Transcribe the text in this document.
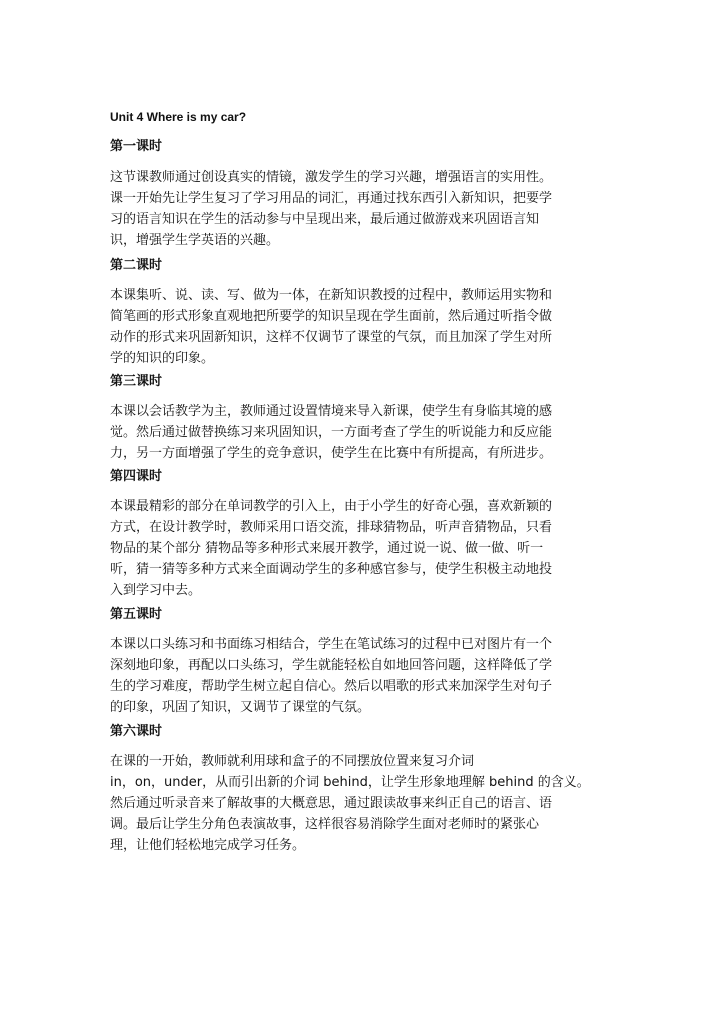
Unit 4 Where is my car?
第一课时
这节课教师通过创设真实的情镜，激发学生的学习兴趣，增强语言的实用性。
课一开始先让学生复习了学习用品的词汇，再通过找东西引入新知识，把要学
习的语言知识在学生的活动参与中呈现出来，最后通过做游戏来巩固语言知
识，增强学生学英语的兴趣。
第二课时
本课集听、说、读、写、做为一体，在新知识教授的过程中，教师运用实物和
简笔画的形式形象直观地把所要学的知识呈现在学生面前，然后通过听指令做
动作的形式来巩固新知识，这样不仅调节了课堂的气氛，而且加深了学生对所
学的知识的印象。
第三课时
本课以会话教学为主，教师通过设置情境来导入新课，使学生有身临其境的感
觉。然后通过做替换练习来巩固知识，一方面考查了学生的听说能力和反应能
力，另一方面增强了学生的竞争意识，使学生在比赛中有所提高，有所进步。
第四课时
本课最精彩的部分在单词教学的引入上，由于小学生的好奇心强，喜欢新颖的
方式，在设计教学时，教师采用口语交流，排球猜物品，听声音猜物品，只看
物品的某个部分 猜物品等多种形式来展开教学，通过说一说、做一做、听一
听，猜一猜等多种方式来全面调动学生的多种感官参与，使学生积极主动地投
入到学习中去。
第五课时
本课以口头练习和书面练习相结合，学生在笔试练习的过程中已对图片有一个
深刻地印象，再配以口头练习，学生就能轻松自如地回答问题，这样降低了学
生的学习难度，帮助学生树立起自信心。然后以唱歌的形式来加深学生对句子
的印象，巩固了知识，又调节了课堂的气氛。
第六课时
在课的一开始，教师就利用球和盒子的不同摆放位置来复习介词
in，on，under，从而引出新的介词 behind，让学生形象地理解 behind 的含义。
然后通过听录音来了解故事的大概意思，通过跟读故事来纠正自己的语言、语
调。最后让学生分角色表演故事，这样很容易消除学生面对老师时的紧张心
理，让他们轻松地完成学习任务。
